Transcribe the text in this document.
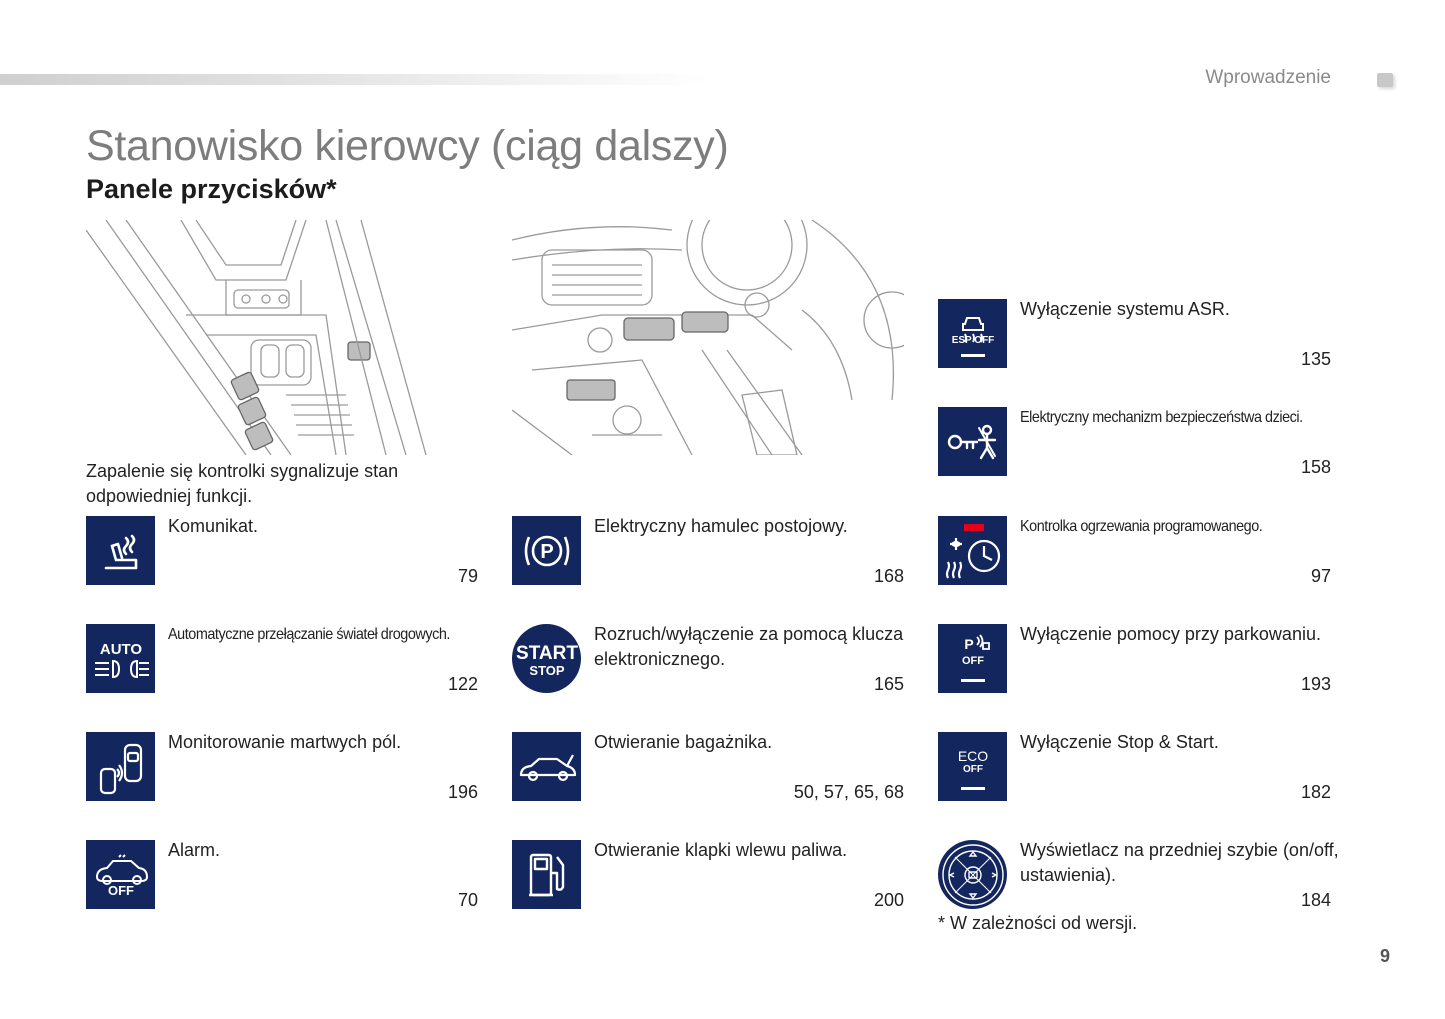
Wprowadzenie
Stanowisko kierowcy (ciąg dalszy)
Panele przycisków*
Zapalenie się kontrolki sygnalizuje stan odpowiedniej funkcji.
Komunikat.
79
AUTO
Automatyczne przełączanie świateł drogowych.
122
Monitorowanie martwych pól.
196
OFF
Alarm.
70
P
Elektryczny hamulec postojowy.
168
START
STOP
Rozruch/wyłączenie za pomocą klucza elektronicznego.
165
Otwieranie bagażnika.
50, 57, 65, 68
Otwieranie klapki wlewu paliwa.
200
ESP OFF
Wyłączenie systemu ASR.
135
Elektryczny mechanizm bezpieczeństwa dzieci.
158
Kontrolka ogrzewania programowanego.
97
P
OFF
Wyłączenie pomocy przy parkowaniu.
193
ECO
OFF
Wyłączenie Stop & Start.
182
Wyświetlacz na przedniej szybie (on/off, ustawienia).
184
* W zależności od wersji.
9
